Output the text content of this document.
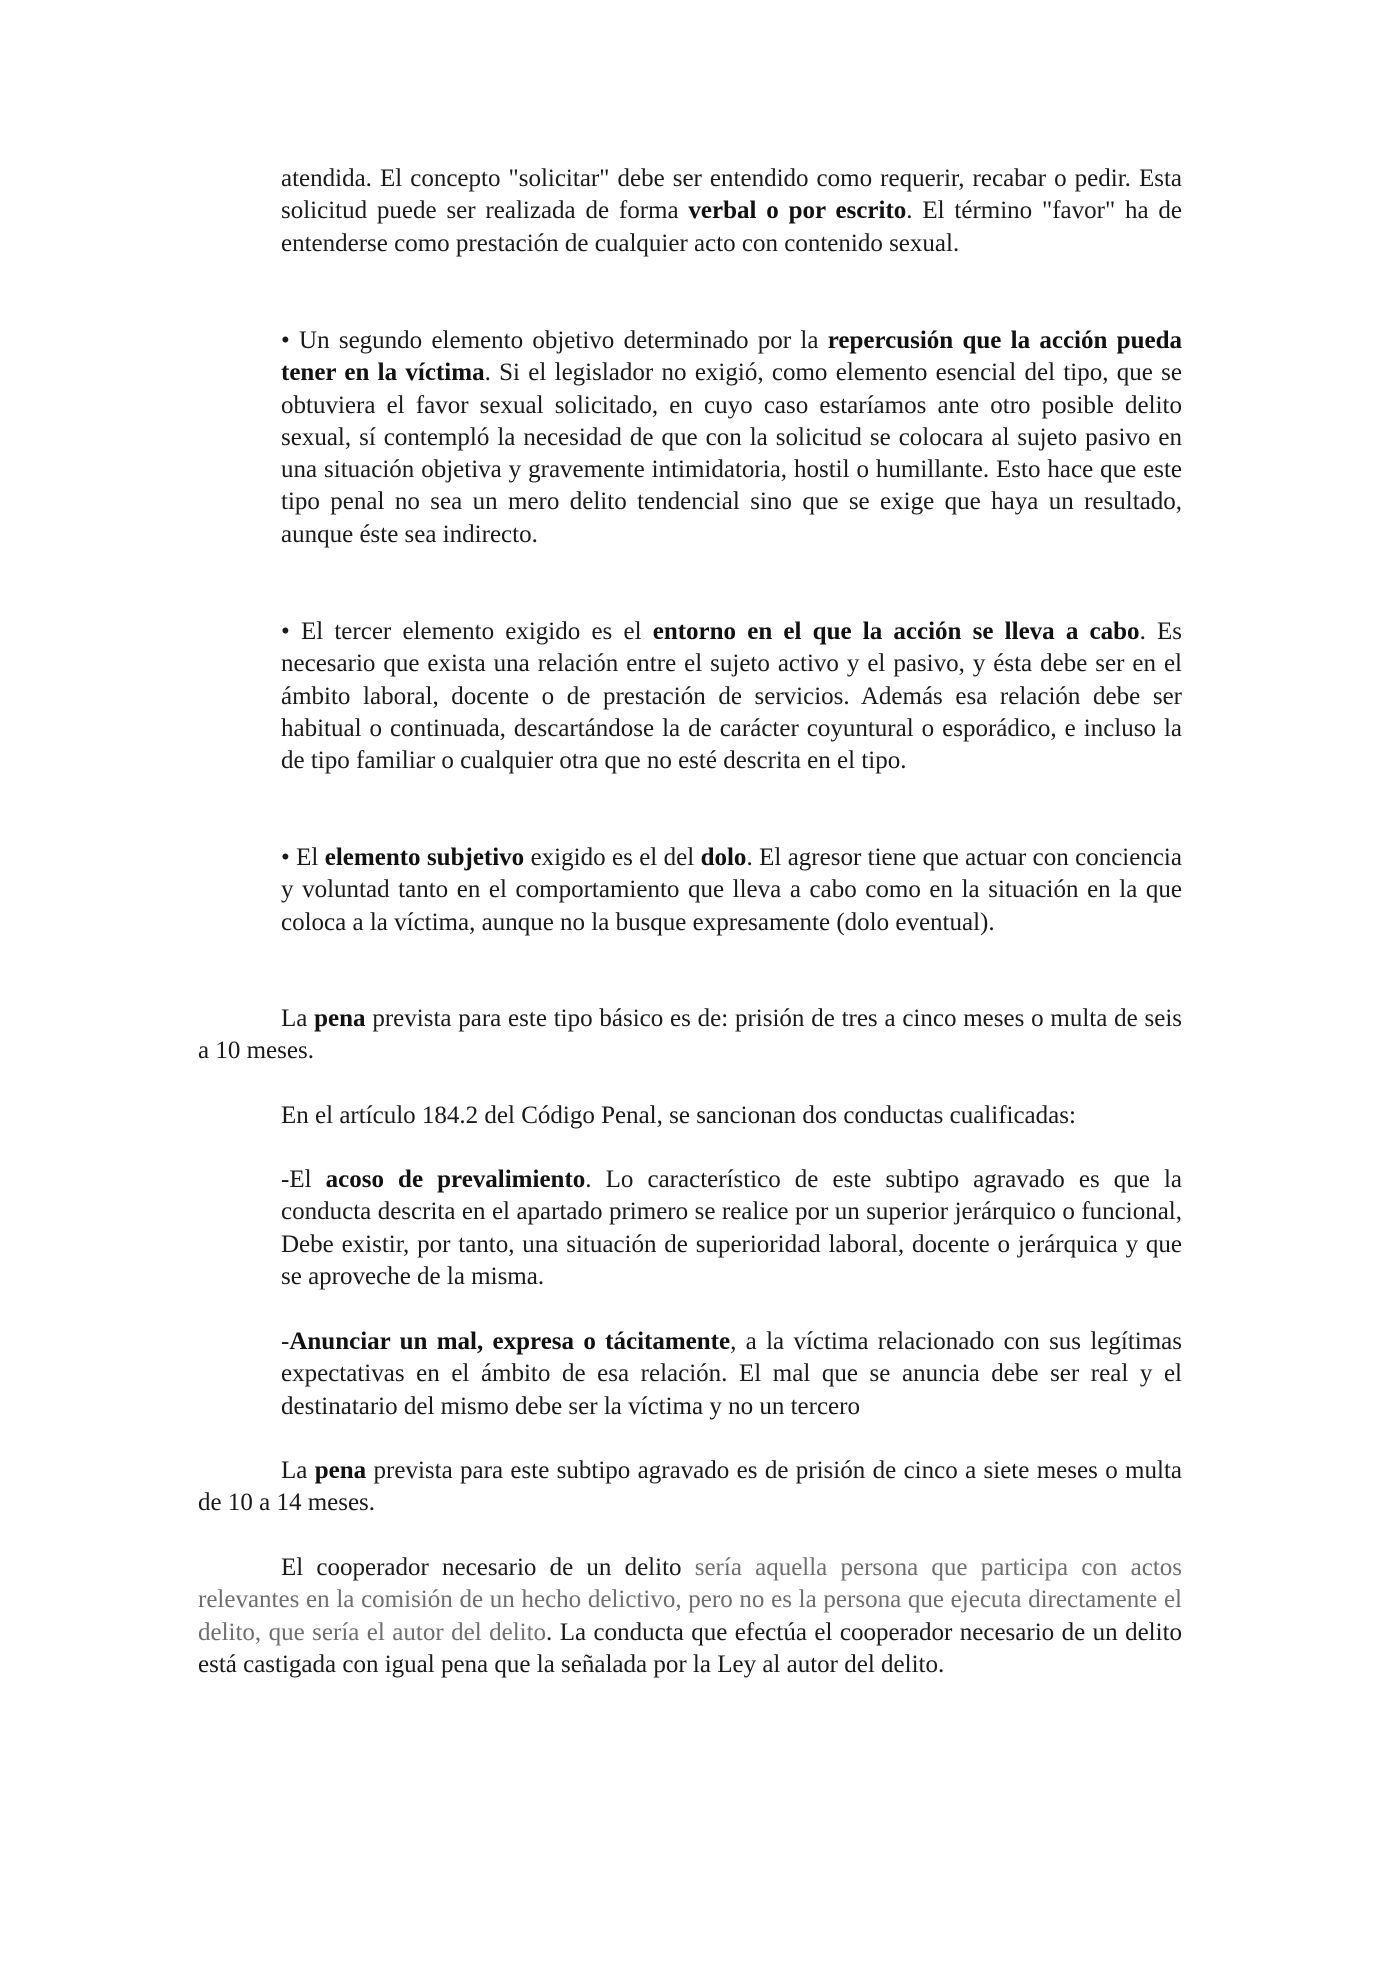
atendida. El concepto "solicitar" debe ser entendido como requerir, recabar o pedir. Esta solicitud puede ser realizada de forma verbal o por escrito. El término "favor" ha de entenderse como prestación de cualquier acto con contenido sexual.

• Un segundo elemento objetivo determinado por la repercusión que la acción pueda tener en la víctima. Si el legislador no exigió, como elemento esencial del tipo, que se obtuviera el favor sexual solicitado, en cuyo caso estaríamos ante otro posible delito sexual, sí contempló la necesidad de que con la solicitud se colocara al sujeto pasivo en una situación objetiva y gravemente intimidatoria, hostil o humillante. Esto hace que este tipo penal no sea un mero delito tendencial sino que se exige que haya un resultado, aunque éste sea indirecto.

• El tercer elemento exigido es el entorno en el que la acción se lleva a cabo. Es necesario que exista una relación entre el sujeto activo y el pasivo, y ésta debe ser en el ámbito laboral, docente o de prestación de servicios. Además esa relación debe ser habitual o continuada, descartándose la de carácter coyuntural o esporádico, e incluso la de tipo familiar o cualquier otra que no esté descrita en el tipo.

• El elemento subjetivo exigido es el del dolo. El agresor tiene que actuar con conciencia y voluntad tanto en el comportamiento que lleva a cabo como en la situación en la que coloca a la víctima, aunque no la busque expresamente (dolo eventual).

La pena prevista para este tipo básico es de: prisión de tres a cinco meses o multa de seis a 10 meses.

En el artículo 184.2 del Código Penal, se sancionan dos conductas cualificadas:

-El acoso de prevalimiento. Lo característico de este subtipo agravado es que la conducta descrita en el apartado primero se realice por un superior jerárquico o funcional, Debe existir, por tanto, una situación de superioridad laboral, docente o jerárquica y que se aproveche de la misma.

-Anunciar un mal, expresa o tácitamente, a la víctima relacionado con sus legítimas expectativas en el ámbito de esa relación. El mal que se anuncia debe ser real y el destinatario del mismo debe ser la víctima y no un tercero

La pena prevista para este subtipo agravado es de prisión de cinco a siete meses o multa de 10 a 14 meses.

El cooperador necesario de un delito sería aquella persona que participa con actos relevantes en la comisión de un hecho delictivo, pero no es la persona que ejecuta directamente el delito, que sería el autor del delito. La conducta que efectúa el cooperador necesario de un delito está castigada con igual pena que la señalada por la Ley al autor del delito.
